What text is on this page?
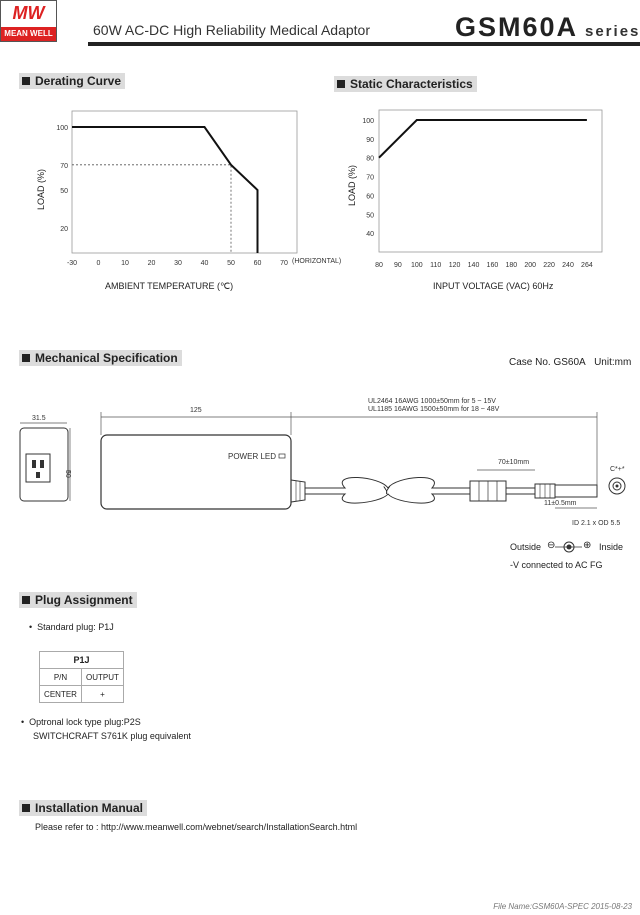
MW
MEAN WELL	60W AC-DC High Reliability Medical Adaptor	GSM60A series
Derating Curve	Static Characteristics
Mechanical Specification
Plug Assignment
Installation Manual
-30	0	10	20	30	40	50	60	70
100
70
50
20
AMBIENT TEMPERATURE (℃)
LOAD (%)
(HORIZONTAL)
80 90 100 110 120 140 160 180 200 220 240 264
100
90
80
70
60
50
40
INPUT VOLTAGE (VAC) 60Hz
LOAD (%)
Case No. GS60A Unit:mm
Y
31.5
125
50
UL2464 16AWG 1000±50mm for 5 ~ 15V
UL1185 16AWG 1500±50mm for 18 ~ 48V
POWER LED
70±10mm
11±0.5mm
C*+*
ID 2.1 x OD 5.5
Outside ⊖	⊕ Inside
-V connected to AC FG
•  Standard plug: P1J
P1J	
P/N	OUTPUT
CENTER	+
•  Optronal lock type plug:P2S
SWITCHCRAFT S761K plug equivalent
Please refer to : http://www.meanwell.com/webnet/search/InstallationSearch.html
File Name:GSM60A-SPEC 2015-08-23
